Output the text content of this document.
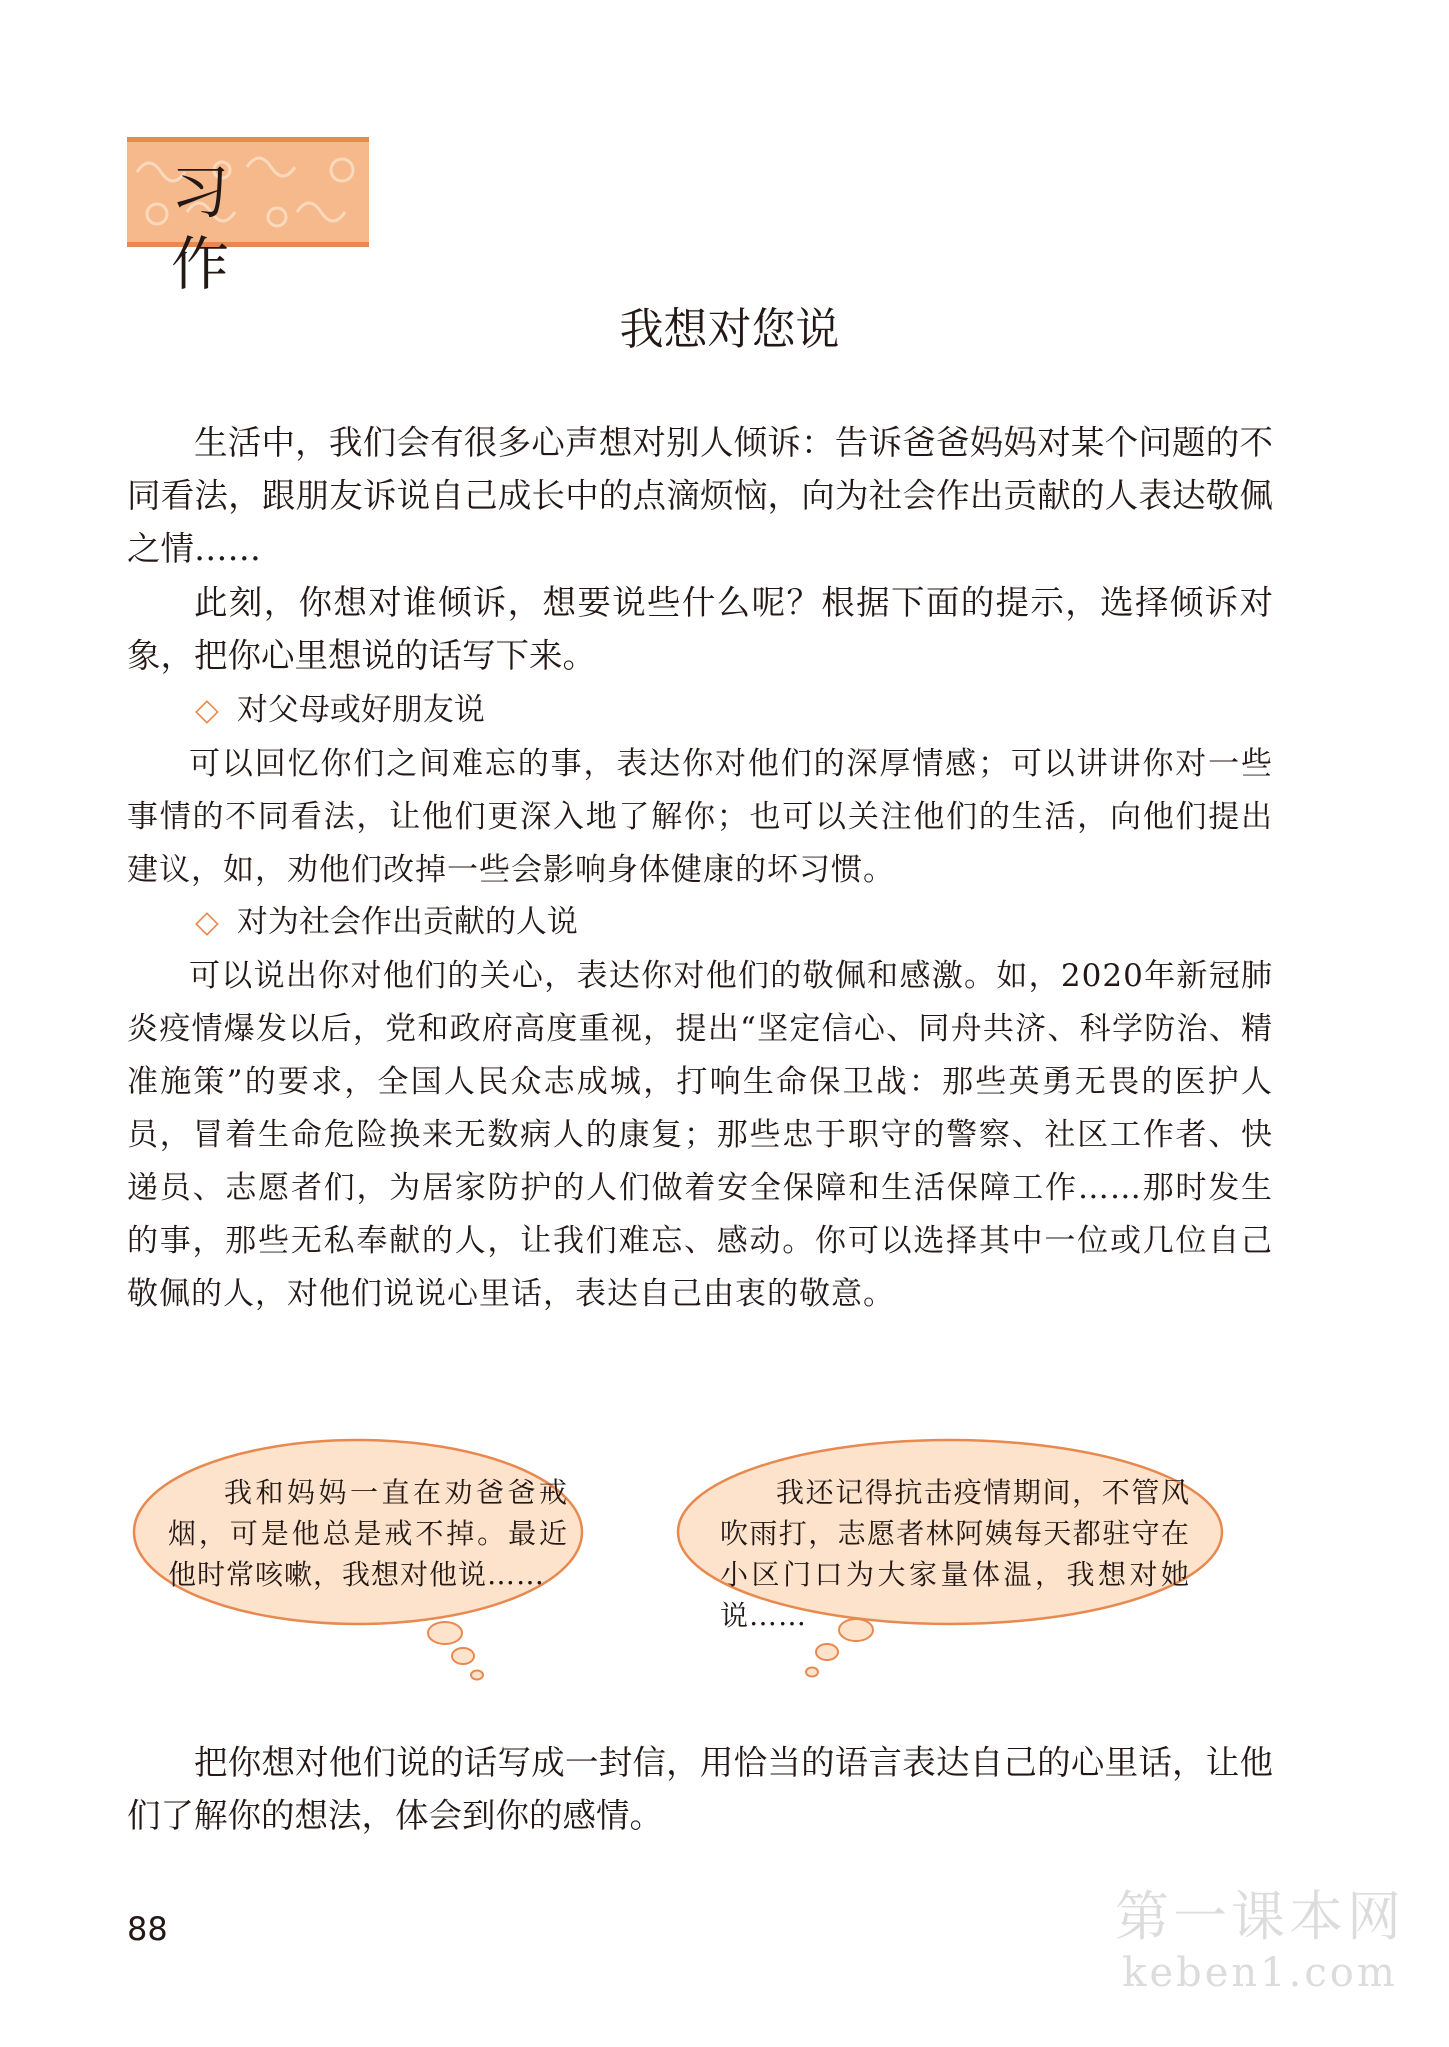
习作
我想对您说

生活中，我们会有很多心声想对别人倾诉：告诉爸爸妈妈对某个问题的不同看法，跟朋友诉说自己成长中的点滴烦恼，向为社会作出贡献的人表达敬佩之情……

此刻，你想对谁倾诉，想要说些什么呢？根据下面的提示，选择倾诉对象，把你心里想说的话写下来。

◇ 对父母或好朋友说

可以回忆你们之间难忘的事，表达你对他们的深厚情感；可以讲讲你对一些事情的不同看法，让他们更深入地了解你；也可以关注他们的生活，向他们提出建议，如，劝他们改掉一些会影响身体健康的坏习惯。

◇ 对为社会作出贡献的人说

可以说出你对他们的关心，表达你对他们的敬佩和感激。如，2020年新冠肺炎疫情爆发以后，党和政府高度重视，提出“坚定信心、同舟共济、科学防治、精准施策”的要求，全国人民众志成城，打响生命保卫战：那些英勇无畏的医护人员，冒着生命危险换来无数病人的康复；那些忠于职守的警察、社区工作者、快递员、志愿者们，为居家防护的人们做着安全保障和生活保障工作……那时发生的事，那些无私奉献的人，让我们难忘、感动。你可以选择其中一位或几位自己敬佩的人，对他们说说心里话，表达自己由衷的敬意。

我和妈妈一直在劝爸爸戒烟，可是他总是戒不掉。最近他时常咳嗽，我想对他说……
我还记得抗击疫情期间，不管风吹雨打，志愿者林阿姨每天都驻守在小区门口为大家量体温，我想对她说……

把你想对他们说的话写成一封信，用恰当的语言表达自己的心里话，让他们了解你的想法，体会到你的感情。

88	第一课本网
keben1.com
